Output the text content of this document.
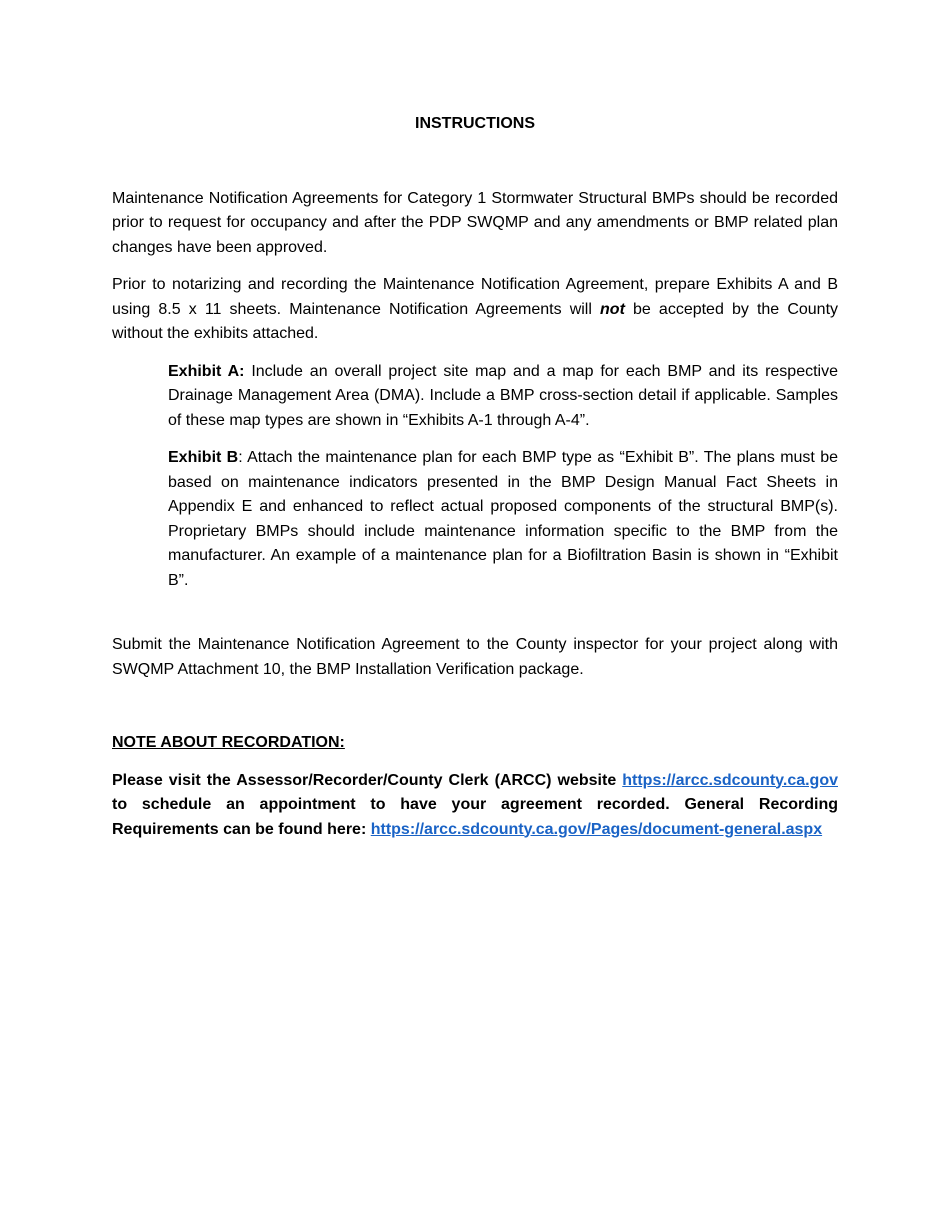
INSTRUCTIONS

Maintenance Notification Agreements for Category 1 Stormwater Structural BMPs should be recorded prior to request for occupancy and after the PDP SWQMP and any amendments or BMP related plan changes have been approved.

Prior to notarizing and recording the Maintenance Notification Agreement, prepare Exhibits A and B using 8.5 x 11 sheets. Maintenance Notification Agreements will not be accepted by the County without the exhibits attached.

Exhibit A: Include an overall project site map and a map for each BMP and its respective Drainage Management Area (DMA). Include a BMP cross-section detail if applicable. Samples of these map types are shown in “Exhibits A-1 through A-4”.

Exhibit B: Attach the maintenance plan for each BMP type as “Exhibit B”. The plans must be based on maintenance indicators presented in the BMP Design Manual Fact Sheets in Appendix E and enhanced to reflect actual proposed components of the structural BMP(s). Proprietary BMPs should include maintenance information specific to the BMP from the manufacturer. An example of a maintenance plan for a Biofiltration Basin is shown in “Exhibit B”.

Submit the Maintenance Notification Agreement to the County inspector for your project along with SWQMP Attachment 10, the BMP Installation Verification package.

NOTE ABOUT RECORDATION:

Please visit the Assessor/Recorder/County Clerk (ARCC) website https://arcc.sdcounty.ca.gov to schedule an appointment to have your agreement recorded. General Recording Requirements can be found here: https://arcc.sdcounty.ca.gov/Pages/document-general.aspx
